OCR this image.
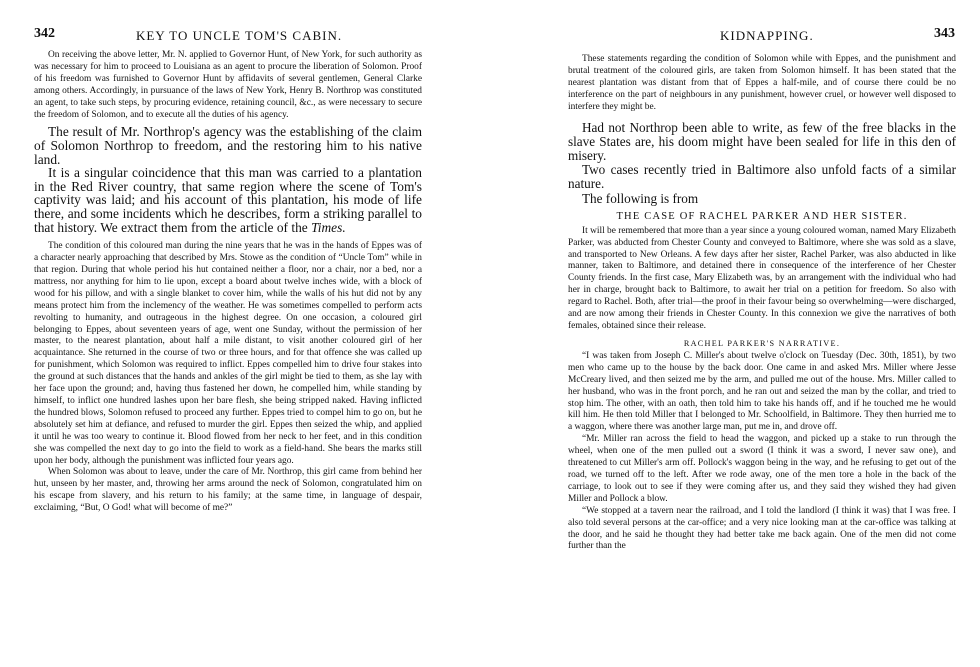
342	KEY TO UNCLE TOM'S CABIN.

On receiving the above letter, Mr. N. applied to Governor Hunt, of New York, for such authority as was necessary for him to proceed to Louisiana as an agent to procure the liberation of Solomon. Proof of his freedom was furnished to Governor Hunt by affidavits of several gentlemen, General Clarke among others. Accordingly, in pursuance of the laws of New York, Henry B. Northrop was constituted an agent, to take such steps, by procuring evidence, retaining council, &c., as were necessary to secure the freedom of Solomon, and to execute all the duties of his agency.

The result of Mr. Northrop's agency was the establishing of the claim of Solomon Northrop to freedom, and the restoring him to his native land.

It is a singular coincidence that this man was carried to a plantation in the Red River country, that same region where the scene of Tom's captivity was laid; and his account of this plantation, his mode of life there, and some incidents which he describes, form a striking parallel to that history. We extract them from the article of the Times.

The condition of this coloured man during the nine years that he was in the hands of Eppes was of a character nearly approaching that described by Mrs. Stowe as the condition of “Uncle Tom” while in that region. During that whole period his hut contained neither a floor, nor a chair, nor a bed, nor a mattress, nor anything for him to lie upon, except a board about twelve inches wide, with a block of wood for his pillow, and with a single blanket to cover him, while the walls of his hut did not by any means protect him from the inclemency of the weather. He was sometimes compelled to perform acts revolting to humanity, and outrageous in the highest degree. On one occasion, a coloured girl belonging to Eppes, about seventeen years of age, went one Sunday, without the permission of her master, to the nearest plantation, about half a mile distant, to visit another coloured girl of her acquaintance. She returned in the course of two or three hours, and for that offence she was called up for punishment, which Solomon was required to inflict. Eppes compelled him to drive four stakes into the ground at such distances that the hands and ankles of the girl might be tied to them, as she lay with her face upon the ground; and, having thus fastened her down, he compelled him, while standing by himself, to inflict one hundred lashes upon her bare flesh, she being stripped naked. Having inflicted the hundred blows, Solomon refused to proceed any further. Eppes tried to compel him to go on, but he absolutely set him at defiance, and refused to murder the girl. Eppes then seized the whip, and applied it until he was too weary to continue it. Blood flowed from her neck to her feet, and in this condition she was compelled the next day to go into the field to work as a field-hand. She bears the marks still upon her body, although the punishment was inflicted four years ago.

When Solomon was about to leave, under the care of Mr. Northrop, this girl came from behind her hut, unseen by her master, and, throwing her arms around the neck of Solomon, congratulated him on his escape from slavery, and his return to his family; at the same time, in language of despair, exclaiming, “But, O God! what will become of me?”

KIDNAPPING.	343

These statements regarding the condition of Solomon while with Eppes, and the punishment and brutal treatment of the coloured girls, are taken from Solomon himself. It has been stated that the nearest plantation was distant from that of Eppes a half-mile, and of course there could be no interference on the part of neighbours in any punishment, however cruel, or however well disposed to interfere they might be.

Had not Northrop been able to write, as few of the free blacks in the slave States are, his doom might have been sealed for life in this den of misery.

Two cases recently tried in Baltimore also unfold facts of a similar nature.

The following is from

THE CASE OF RACHEL PARKER AND HER SISTER.

It will be remembered that more than a year since a young coloured woman, named Mary Elizabeth Parker, was abducted from Chester County and conveyed to Baltimore, where she was sold as a slave, and transported to New Orleans. A few days after her sister, Rachel Parker, was also abducted in like manner, taken to Baltimore, and detained there in consequence of the interference of her Chester County friends. In the first case, Mary Elizabeth was, by an arrangement with the individual who had her in charge, brought back to Baltimore, to await her trial on a petition for freedom. So also with regard to Rachel. Both, after trial—the proof in their favour being so overwhelming—were discharged, and are now among their friends in Chester County. In this connexion we give the narratives of both females, obtained since their release.

RACHEL PARKER'S NARRATIVE.

“I was taken from Joseph C. Miller's about twelve o'clock on Tuesday (Dec. 30th, 1851), by two men who came up to the house by the back door. One came in and asked Mrs. Miller where Jesse McCreary lived, and then seized me by the arm, and pulled me out of the house. Mrs. Miller called to her husband, who was in the front porch, and he ran out and seized the man by the collar, and tried to stop him. The other, with an oath, then told him to take his hands off, and if he touched me he would kill him. He then told Miller that I belonged to Mr. Schoolfield, in Baltimore. They then hurried me to a waggon, where there was another large man, put me in, and drove off.

“Mr. Miller ran across the field to head the waggon, and picked up a stake to run through the wheel, when one of the men pulled out a sword (I think it was a sword, I never saw one), and threatened to cut Miller's arm off. Pollock's waggon being in the way, and he refusing to get out of the road, we turned off to the left. After we rode away, one of the men tore a hole in the back of the carriage, to look out to see if they were coming after us, and they said they wished they had given Miller and Pollock a blow.

“We stopped at a tavern near the railroad, and I told the landlord (I think it was) that I was free. I also told several persons at the car-office; and a very nice looking man at the car-office was talking at the door, and he said he thought they had better take me back again. One of the men did not come further than the
